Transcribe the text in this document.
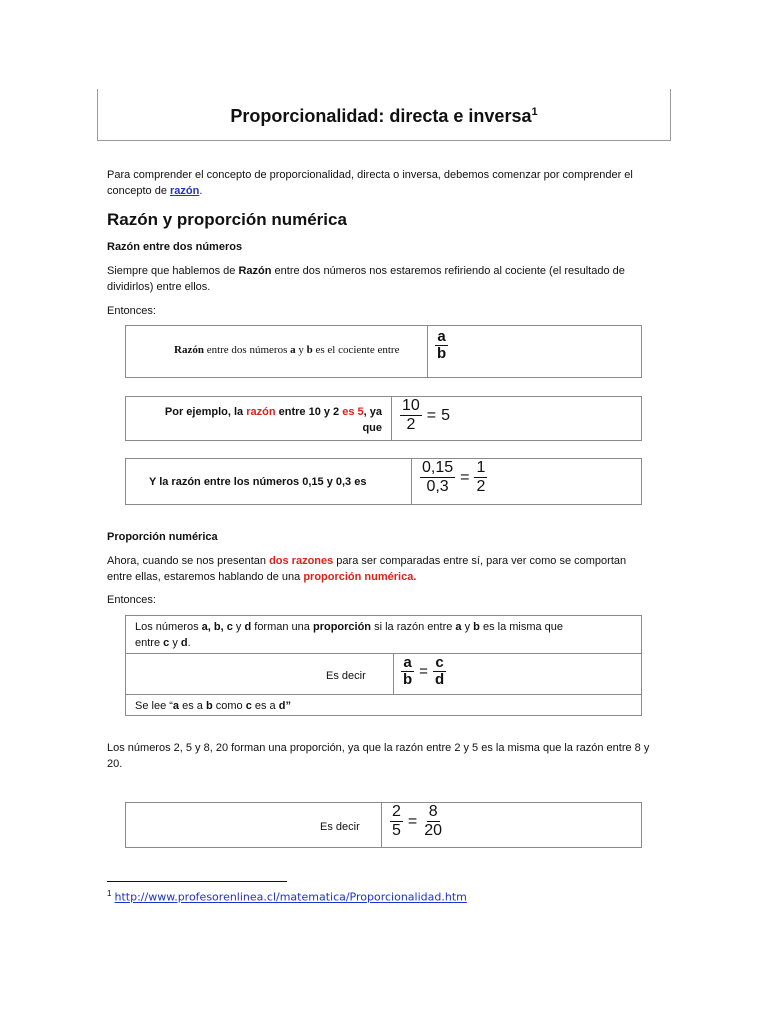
Proporcionalidad: directa e inversa$^1$
Para comprender el concepto de proporcionalidad, directa o inversa, debemos comenzar por comprender el concepto de razón.
Razón y proporción numérica
Razón entre dos números
Siempre que hablemos de Razón entre dos números nos estaremos refiriendo al cociente (el resultado de dividirlos) entre ellos.
Entonces:
Razón entre dos números a y b es el cociente entre $\frac{a}{b}$
Por ejemplo, la razón entre 10 y 2 es 5, ya
que $\frac{10}{2} = 5$
Y la razón entre los números 0,15 y 0,3 es	$\frac{0,15}{0,3} = \frac{1}{2}$
Proporción numérica
Ahora, cuando se nos presentan dos razones para ser comparadas entre sí, para ver como se comportan entre ellas, estaremos hablando de una proporción numérica.
Entonces:
Los números a, b, c y d forman una proporción si la razón entre a y b es la misma que
entre c y d.
Es decir $\frac{a}{b} = \frac{c}{d}$
Se lee “a es a b como c es a d”
Los números 2, 5 y 8, 20 forman una proporción, ya que la razón entre 2 y 5 es la misma que la razón entre 8 y 20.
Es decir $\frac{2}{5} = \frac{8}{20}$
$^1$ http://www.profesorenlinea.cl/matematica/Proporcionalidad.htm
